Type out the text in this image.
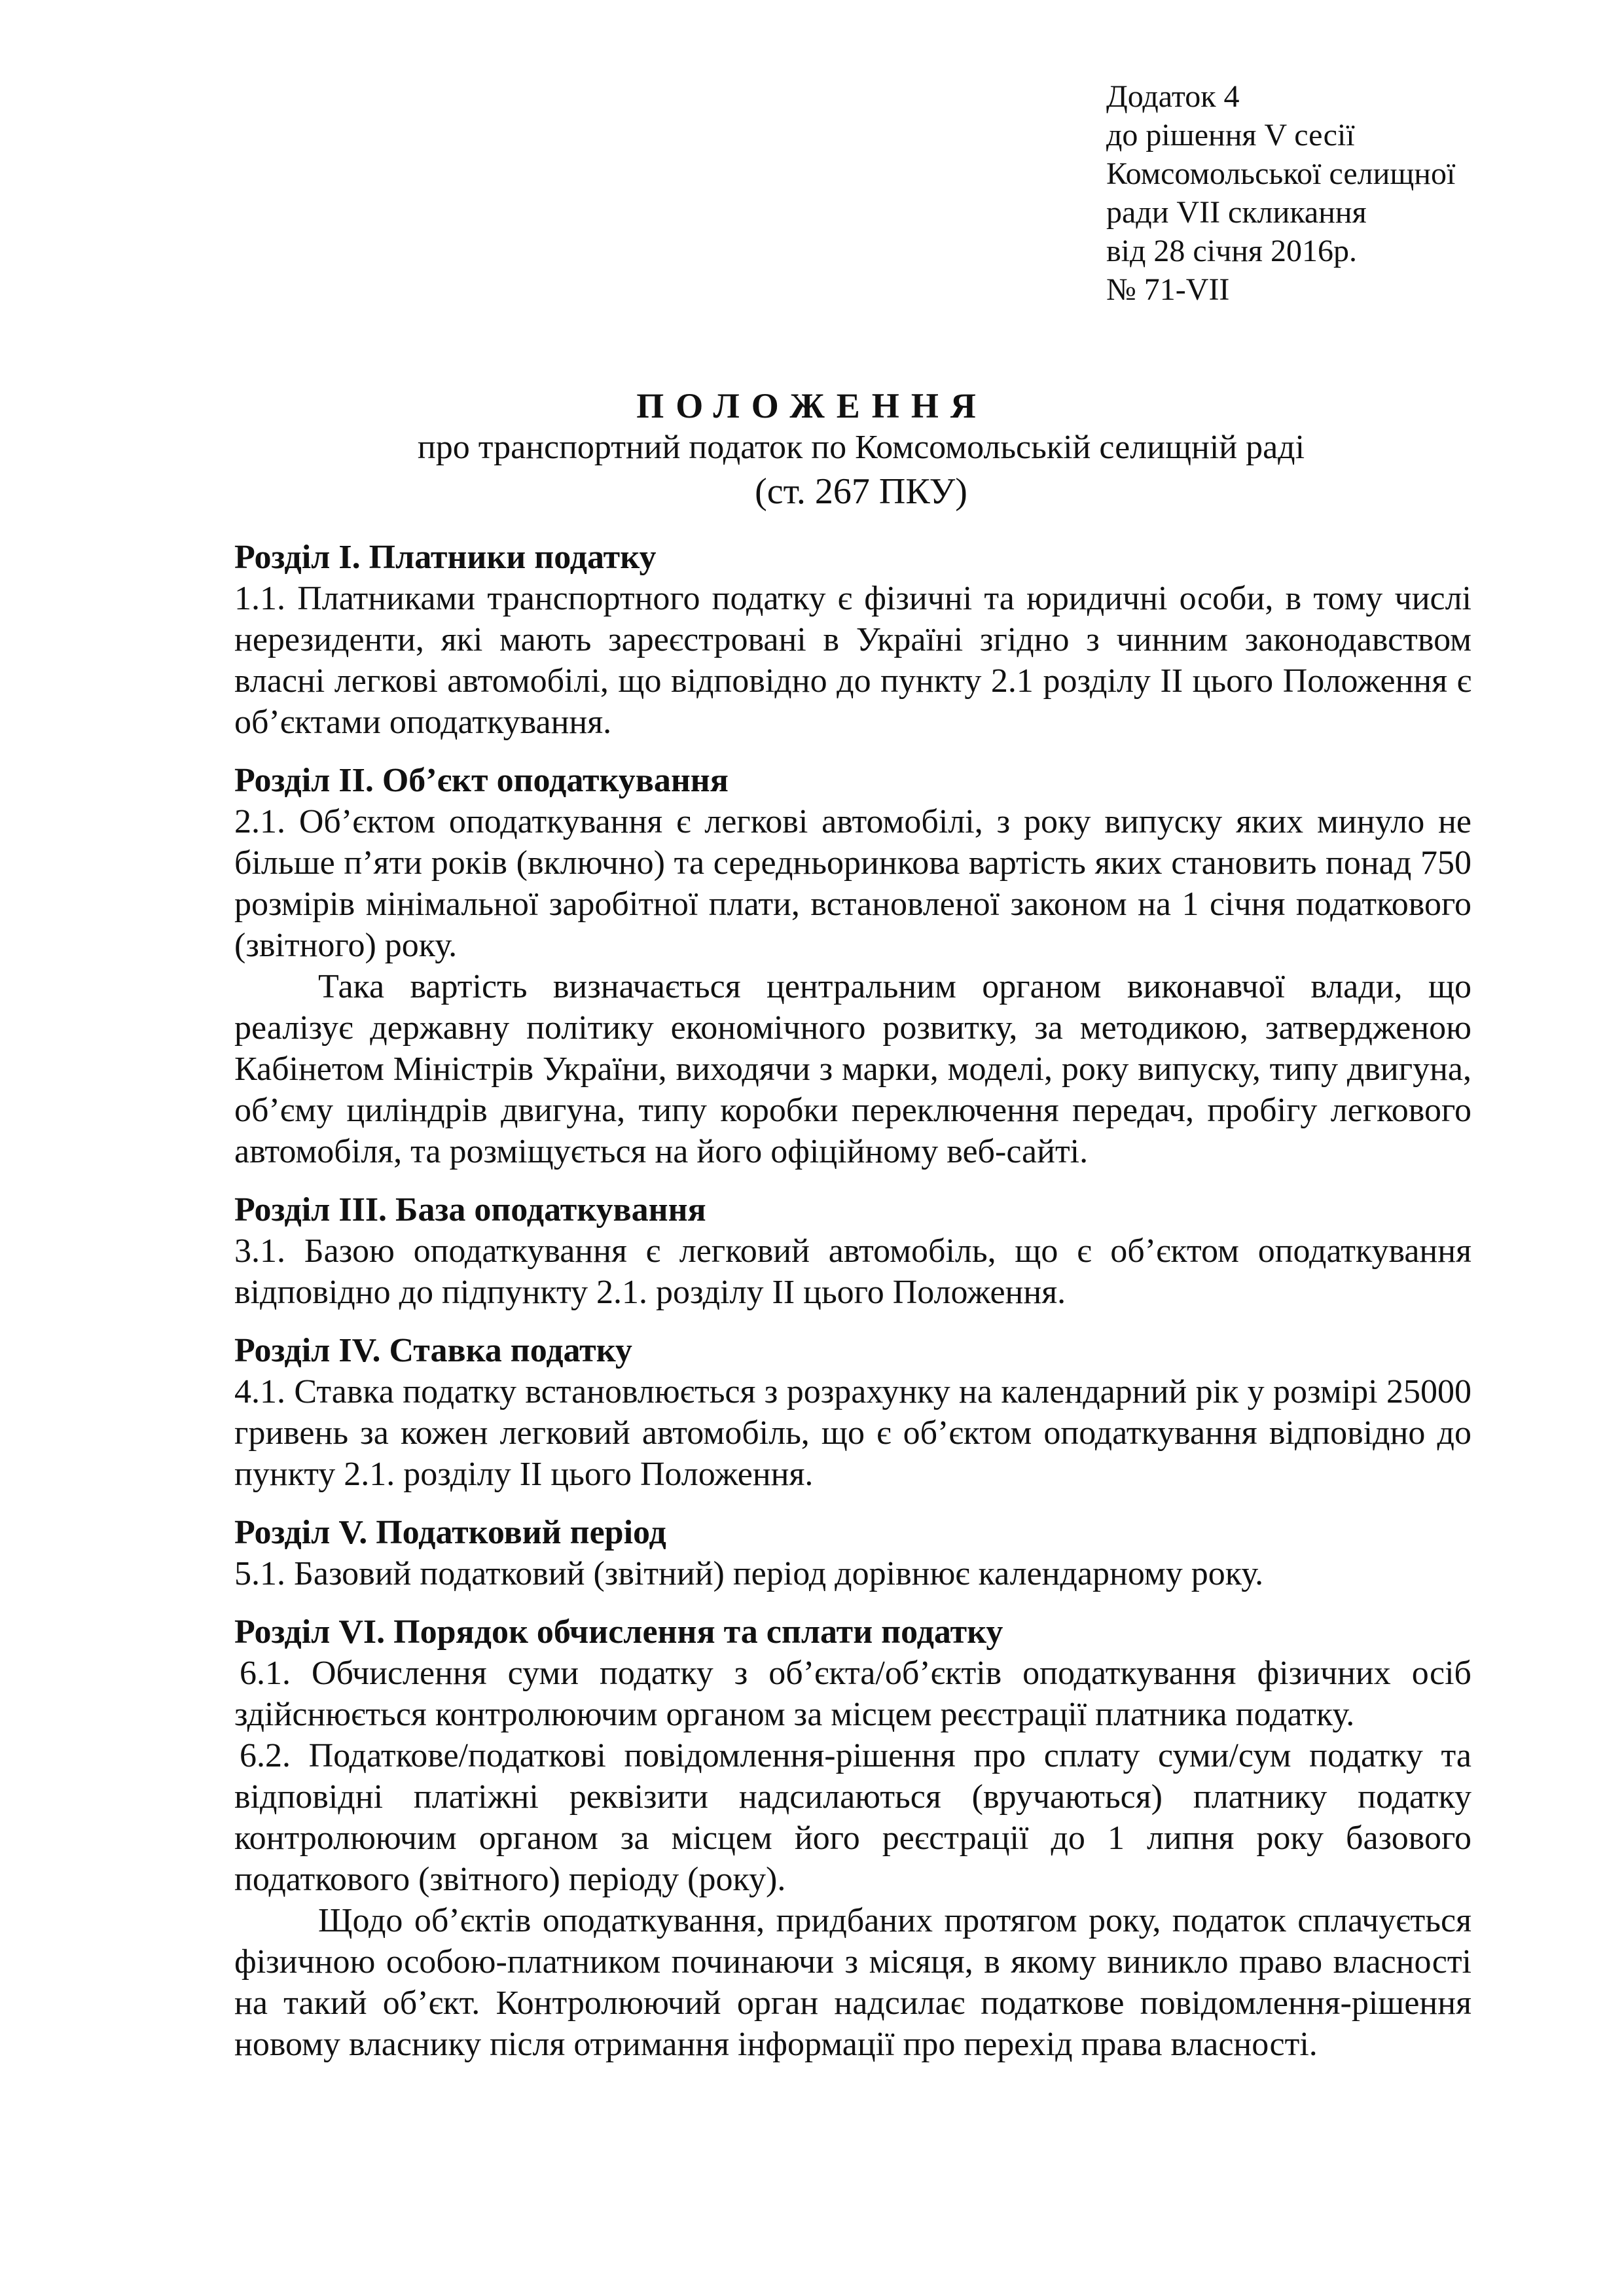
Додаток 4
до рішення V сесії
Комсомольської селищної
ради VII скликання
від 28 січня 2016р.
№ 71-VII
ПОЛОЖЕННЯ
про транспортний податок по Комсомольській селищній раді
(ст. 267 ПКУ)

Розділ I. Платники податку

1.1. Платниками транспортного податку є фізичні та юридичні особи, в тому числі нерезиденти, які мають зареєстровані в Україні згідно з чинним законодавством власні легкові автомобілі, що відповідно до пункту 2.1 розділу II цього Положення є об’єктами оподаткування.

Розділ II. Об’єкт оподаткування

2.1. Об’єктом оподаткування є легкові автомобілі, з року випуску яких минуло не більше п’яти років (включно) та середньоринкова вартість яких становить понад 750 розмірів мінімальної заробітної плати, встановленої законом на 1 січня податкового (звітного) року.

Така вартість визначається центральним органом виконавчої влади, що реалізує державну політику економічного розвитку, за методикою, затвердженою Кабінетом Міністрів України, виходячи з марки, моделі, року випуску, типу двигуна, об’єму циліндрів двигуна, типу коробки переключення передач, пробігу легкового автомобіля, та розміщується на його офіційному веб-сайті.

Розділ III. База оподаткування

3.1. Базою оподаткування є легковий автомобіль, що є об’єктом оподаткування відповідно до підпункту 2.1. розділу II цього Положення.

Розділ IV. Ставка податку

4.1. Ставка податку встановлюється з розрахунку на календарний рік у розмірі 25000 гривень за кожен легковий автомобіль, що є об’єктом оподаткування відповідно до пункту 2.1. розділу II цього Положення.

Розділ V. Податковий період

5.1. Базовий податковий (звітний) період дорівнює календарному року.

Розділ VI. Порядок обчислення та сплати податку

6.1. Обчислення суми податку з об’єкта/об’єктів оподаткування фізичних осіб здійснюється контролюючим органом за місцем реєстрації платника податку.

6.2. Податкове/податкові повідомлення-рішення про сплату суми/сум податку та відповідні платіжні реквізити надсилаються (вручаються) платнику податку контролюючим органом за місцем його реєстрації до 1 липня року базового податкового (звітного) періоду (року).

Щодо об’єктів оподаткування, придбаних протягом року, податок сплачується фізичною особою-платником починаючи з місяця, в якому виникло право власності на такий об’єкт. Контролюючий орган надсилає податкове повідомлення-рішення новому власнику після отримання інформації про перехід права власності.
